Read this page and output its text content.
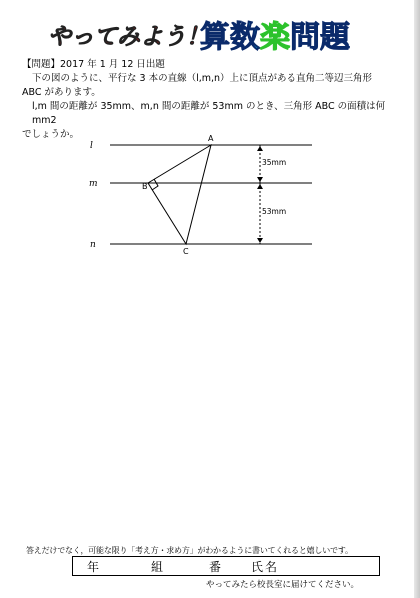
やってみよう！
算 数 楽 問 題
【問題】2017 年 1 月 12 日出題

下の図のように、平行な 3 本の直線（l,m,n）上に頂点がある直角二等辺三角形

ABC があります。

l,m 間の距離が 35mm、m,n 間の距離が 53mm のとき、三角形 ABC の面積は何 mm2

でしょうか。

l
m
n
A
B
C
35mm
53mm
答えだけでなく，可能な限り「考え方・求め方」がわかるように書いてくれると嬉しいです。
年	組	番 氏名
やってみたら校長室に届けてください。
